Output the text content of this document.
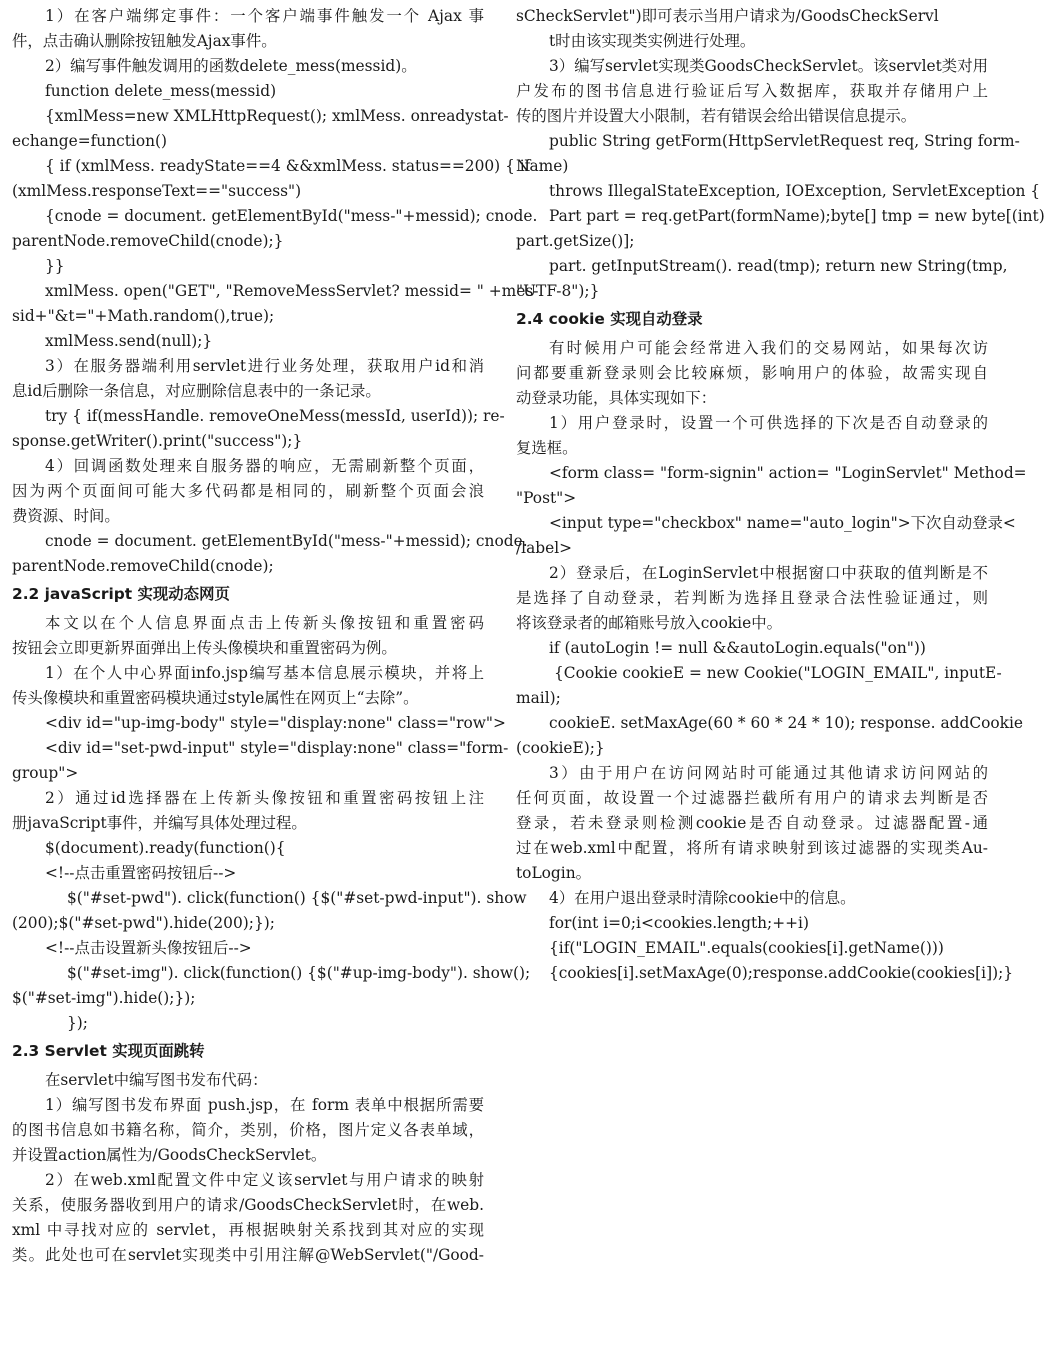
1）在客户端绑定事件：一个客户端事件触发一个 Ajax 事
件，点击确认删除按钮触发Ajax事件。
2）编写事件触发调用的函数delete_mess(messid)。
function delete_mess(messid)
{xmlMess=new XMLHttpRequest(); xmlMess. onreadystat-
echange=function()
{ if (xmlMess. readyState==4 &&xmlMess. status==200) { if
(xmlMess.responseText=="success")
{cnode = document. getElementById("mess-"+messid); cnode.
parentNode.removeChild(cnode);}
}}
xmlMess. open("GET", "RemoveMessServlet? messid= " +mes-
sid+"&t="+Math.random(),true);
xmlMess.send(null);}
3）在服务器端利用servlet进行业务处理，获取用户id和消
息id后删除一条信息，对应删除信息表中的一条记录。
try { if(messHandle. removeOneMess(messId, userId)); re-
sponse.getWriter().print("success");}
4）回调函数处理来自服务器的响应，无需刷新整个页面，
因为两个页面间可能大多代码都是相同的，刷新整个页面会浪
费资源、时间。
cnode = document. getElementById("mess-"+messid); cnode.
parentNode.removeChild(cnode);
2.2 javaScript 实现动态网页
本文以在个人信息界面点击上传新头像按钮和重置密码
按钮会立即更新界面弹出上传头像模块和重置密码为例。
1）在个人中心界面info.jsp编写基本信息展示模块，并将上
传头像模块和重置密码模块通过style属性在网页上“去除”。
<div id="up-img-body" style="display:none" class="row">
<div id="set-pwd-input" style="display:none" class="form-
group">
2）通过id选择器在上传新头像按钮和重置密码按钮上注
册javaScript事件，并编写具体处理过程。
$(document).ready(function(){
<!--点击重置密码按钮后-->
$("#set-pwd"). click(function() {$("#set-pwd-input"). show
(200);$("#set-pwd").hide(200);});
<!--点击设置新头像按钮后-->
$("#set-img"). click(function() {$("#up-img-body"). show();
$("#set-img").hide();});
});
2.3 Servlet 实现页面跳转
在servlet中编写图书发布代码：
1）编写图书发布界面 push.jsp，在 form 表单中根据所需要
的图书信息如书籍名称，简介，类别，价格，图片定义各表单域，
并设置action属性为/GoodsCheckServlet。
2）在web.xml配置文件中定义该servlet与用户请求的映射
关系，使服务器收到用户的请求/GoodsCheckServlet时，在web.
xml 中寻找对应的 servlet，再根据映射关系找到其对应的实现
类。此处也可在servlet实现类中引用注解@WebServlet("/Good-
sCheckServlet")即可表示当用户请求为/GoodsCheckServl
t时由该实现类实例进行处理。
3）编写servlet实现类GoodsCheckServlet。该servlet类对用
户发布的图书信息进行验证后写入数据库，获取并存储用户上
传的图片并设置大小限制，若有错误会给出错误信息提示。
public String getForm(HttpServletRequest req, String form-
Name)
throws IllegalStateException, IOException, ServletException {
Part part = req.getPart(formName);byte[] tmp = new byte[(int)
part.getSize()];
part. getInputStream(). read(tmp); return new String(tmp,
"UTF-8");}
2.4 cookie 实现自动登录
有时候用户可能会经常进入我们的交易网站，如果每次访
问都要重新登录则会比较麻烦，影响用户的体验，故需实现自
动登录功能，具体实现如下：
1）用户登录时，设置一个可供选择的下次是否自动登录的
复选框。
<form class= "form-signin" action= "LoginServlet" Method=
"Post">
<input type="checkbox" name="auto_login">下次自动登录<
/label>
2）登录后，在LoginServlet中根据窗口中获取的值判断是不
是选择了自动登录，若判断为选择且登录合法性验证通过，则
将该登录者的邮箱账号放入cookie中。
if (autoLogin != null &&autoLogin.equals("on"))
{Cookie cookieE = new Cookie("LOGIN_EMAIL", inputE-
mail);
cookieE. setMaxAge(60 * 60 * 24 * 10); response. addCookie
(cookieE);}
3）由于用户在访问网站时可能通过其他请求访问网站的
任何页面，故设置一个过滤器拦截所有用户的请求去判断是否
登录，若未登录则检测cookie是否自动登录。过滤器配置-通
过在web.xml中配置，将所有请求映射到该过滤器的实现类Au-
toLogin。
4）在用户退出登录时清除cookie中的信息。
for(int i=0;i<cookies.length;++i)
{if("LOGIN_EMAIL".equals(cookies[i].getName()))
{cookies[i].setMaxAge(0);response.addCookie(cookies[i]);}
